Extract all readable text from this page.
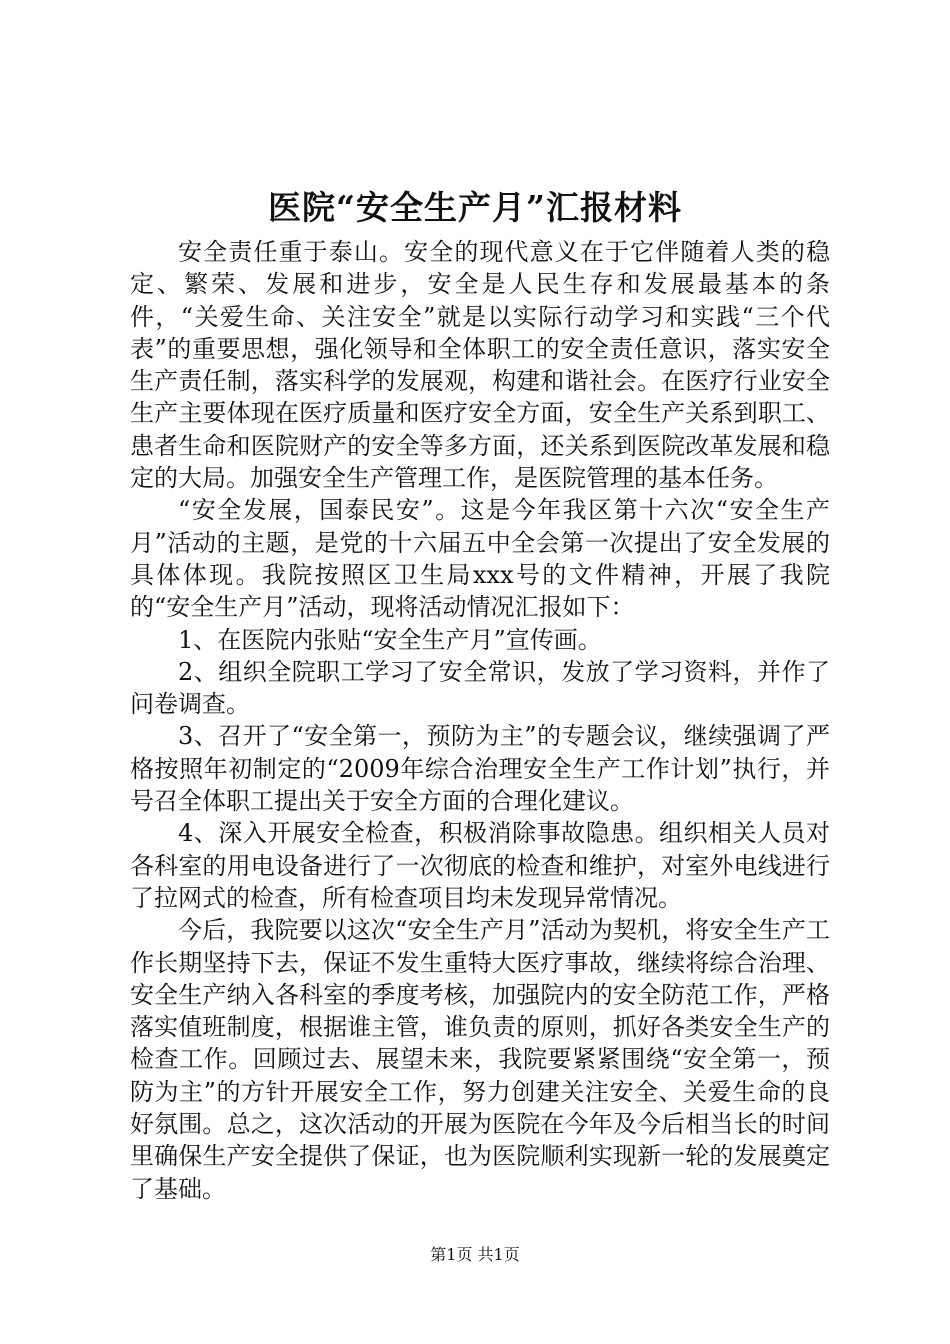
医院“安全生产月”汇报材料

安全责任重于泰山。安全的现代意义在于它伴随着人类的稳定、繁荣、发展和进步，安全是人民生存和发展最基本的条件，“关爱生命、关注安全”就是以实际行动学习和实践“三个代表”的重要思想，强化领导和全体职工的安全责任意识，落实安全生产责任制，落实科学的发展观，构建和谐社会。在医疗行业安全生产主要体现在医疗质量和医疗安全方面，安全生产关系到职工、患者生命和医院财产的安全等多方面，还关系到医院改革发展和稳定的大局。加强安全生产管理工作，是医院管理的基本任务。

“安全发展，国泰民安”。这是今年我区第十六次“安全生产月”活动的主题，是党的十六届五中全会第一次提出了安全发展的具体体现。我院按照区卫生局xxx号的文件精神，开展了我院的“安全生产月”活动，现将活动情况汇报如下：

1、在医院内张贴“安全生产月”宣传画。

2、组织全院职工学习了安全常识，发放了学习资料，并作了问卷调查。

3、召开了“安全第一，预防为主”的专题会议，继续强调了严格按照年初制定的“2009年综合治理安全生产工作计划”执行，并号召全体职工提出关于安全方面的合理化建议。

4、深入开展安全检查，积极消除事故隐患。组织相关人员对各科室的用电设备进行了一次彻底的检查和维护，对室外电线进行了拉网式的检查，所有检查项目均未发现异常情况。

今后，我院要以这次“安全生产月”活动为契机，将安全生产工作长期坚持下去，保证不发生重特大医疗事故，继续将综合治理、安全生产纳入各科室的季度考核，加强院内的安全防范工作，严格落实值班制度，根据谁主管，谁负责的原则，抓好各类安全生产的检查工作。回顾过去、展望未来，我院要紧紧围绕“安全第一，预防为主”的方针开展安全工作，努力创建关注安全、关爱生命的良好氛围。总之，这次活动的开展为医院在今年及今后相当长的时间里确保生产安全提供了保证，也为医院顺利实现新一轮的发展奠定了基础。

第1页 共1页
